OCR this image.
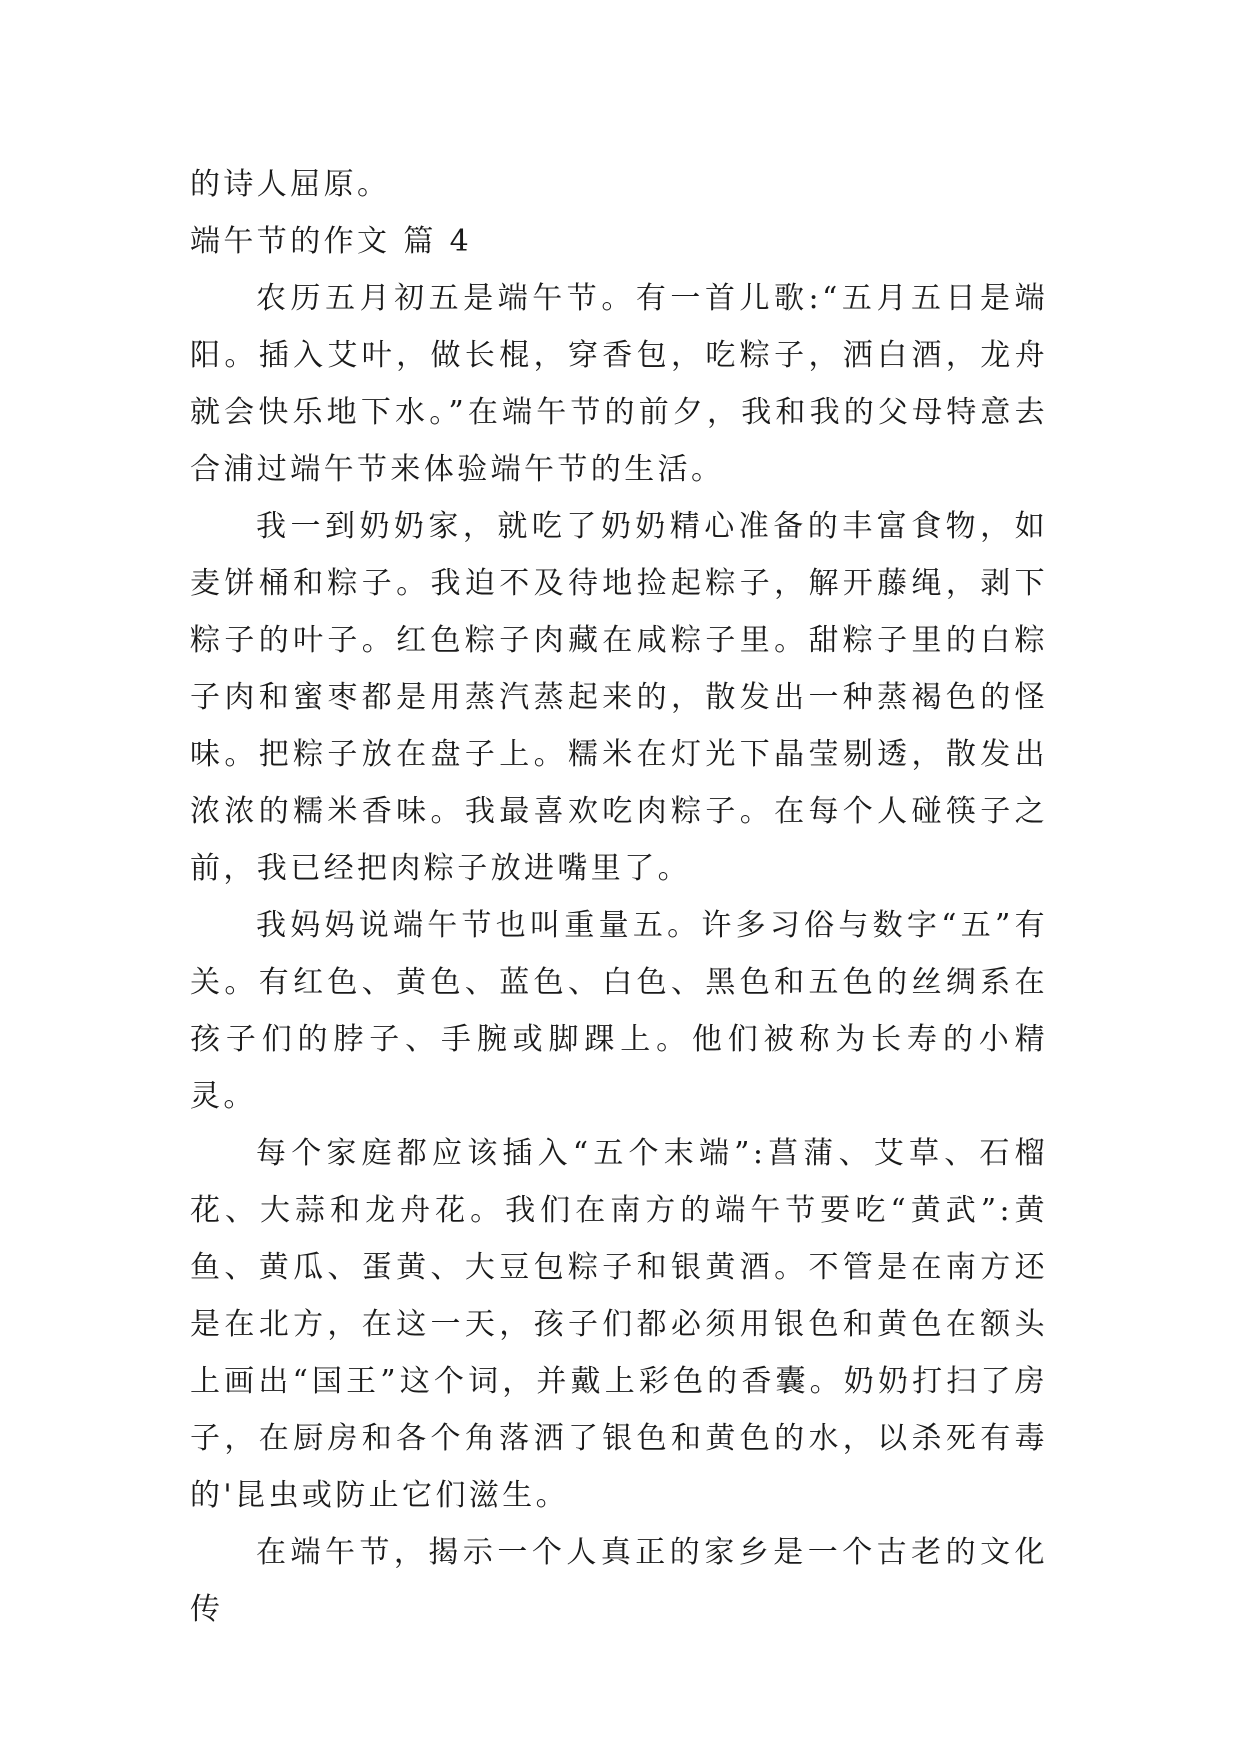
的诗人屈原。

端午节的作文 篇 4

农历五月初五是端午节。有一首儿歌:“五月五日是端阳。插入艾叶，做长棍，穿香包，吃粽子，洒白酒，龙舟就会快乐地下水。”在端午节的前夕，我和我的父母特意去合浦过端午节来体验端午节的生活。

我一到奶奶家，就吃了奶奶精心准备的丰富食物，如麦饼桶和粽子。我迫不及待地捡起粽子，解开藤绳，剥下粽子的叶子。红色粽子肉藏在咸粽子里。甜粽子里的白粽子肉和蜜枣都是用蒸汽蒸起来的，散发出一种蒸褐色的怪味。把粽子放在盘子上。糯米在灯光下晶莹剔透，散发出浓浓的糯米香味。我最喜欢吃肉粽子。在每个人碰筷子之前，我已经把肉粽子放进嘴里了。

我妈妈说端午节也叫重量五。许多习俗与数字“五”有关。有红色、黄色、蓝色、白色、黑色和五色的丝绸系在孩子们的脖子、手腕或脚踝上。他们被称为长寿的小精灵。

每个家庭都应该插入“五个末端”:菖蒲、艾草、石榴花、大蒜和龙舟花。我们在南方的端午节要吃“黄武”:黄鱼、黄瓜、蛋黄、大豆包粽子和银黄酒。不管是在南方还是在北方，在这一天，孩子们都必须用银色和黄色在额头上画出“国王”这个词，并戴上彩色的香囊。奶奶打扫了房子，在厨房和各个角落洒了银色和黄色的水，以杀死有毒的'昆虫或防止它们滋生。

在端午节，揭示一个人真正的家乡是一个古老的文化传
